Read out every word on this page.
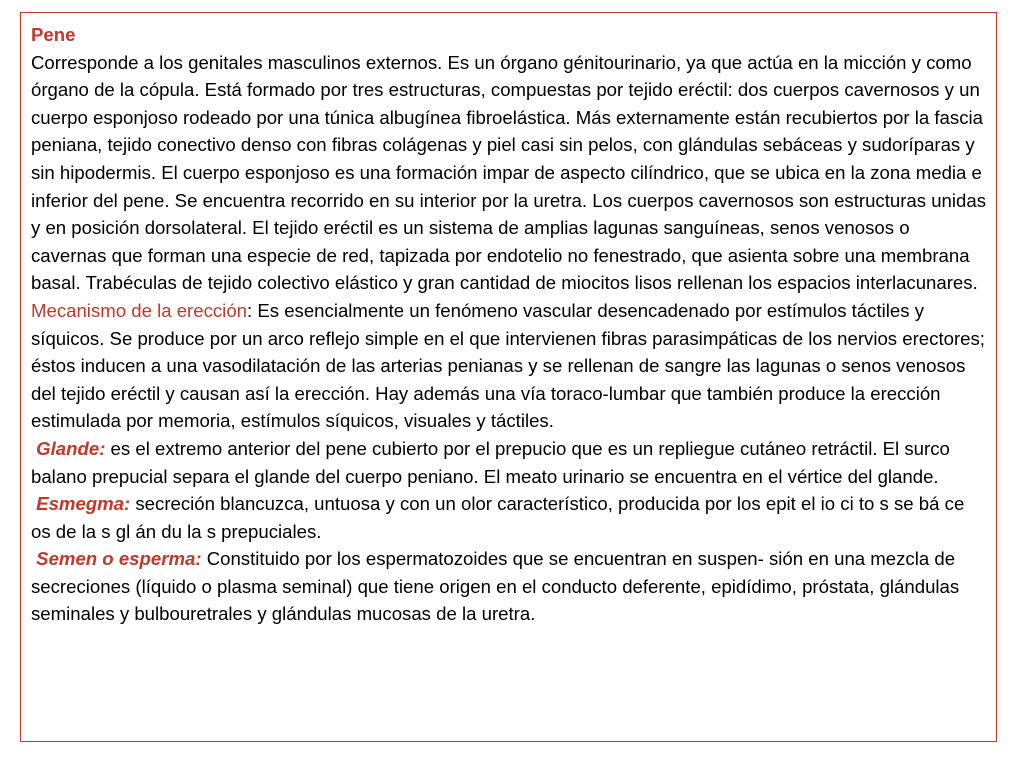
Pene

Corresponde a los genitales masculinos externos. Es un órgano génitourinario, ya que actúa en la micción y como órgano de la cópula. Está formado por tres estructuras, compuestas por tejido eréctil: dos cuerpos cavernosos y un cuerpo esponjoso rodeado por una túnica albugínea fibroelástica. Más externamente están recubiertos por la fascia peniana, tejido conectivo denso con fibras colágenas y piel casi sin pelos, con glándulas sebáceas y sudoríparas y sin hipodermis. El cuerpo esponjoso es una formación impar de aspecto cilíndrico, que se ubica en la zona media e inferior del pene. Se encuentra recorrido en su interior por la uretra. Los cuerpos cavernosos son estructuras unidas y en posición dorsolateral. El tejido eréctil es un sistema de amplias lagunas sanguíneas, senos venosos o cavernas que forman una especie de red, tapizada por endotelio no fenestrado, que asienta sobre una membrana basal. Trabéculas de tejido colectivo elástico y gran cantidad de miocitos lisos rellenan los espacios interlacunares.

Mecanismo de la erección: Es esencialmente un fenómeno vascular desencadenado por estímulos táctiles y síquicos. Se produce por un arco reflejo simple en el que intervienen fibras parasimpáticas de los nervios erectores; éstos inducen a una vasodilatación de las arterias penianas y se rellenan de sangre las lagunas o senos venosos del tejido eréctil y causan así la erección. Hay además una vía toraco-lumbar que también produce la erección estimulada por memoria, estímulos síquicos, visuales y táctiles.

Glande: es el extremo anterior del pene cubierto por el prepucio que es un repliegue cutáneo retráctil. El surco balano prepucial separa el glande del cuerpo peniano. El meato urinario se encuentra en el vértice del glande.

Esmegma: secreción blancuzca, untuosa y con un olor característico, producida por los epit el io ci to s se bá ce os de la s gl án du la s prepuciales.

Semen o esperma: Constituido por los espermatozoides que se encuentran en suspen- sión en una mezcla de secreciones (líquido o plasma seminal) que tiene origen en el conducto deferente, epidídimo, próstata, glándulas seminales y bulbouretrales y glándulas mucosas de la uretra.
